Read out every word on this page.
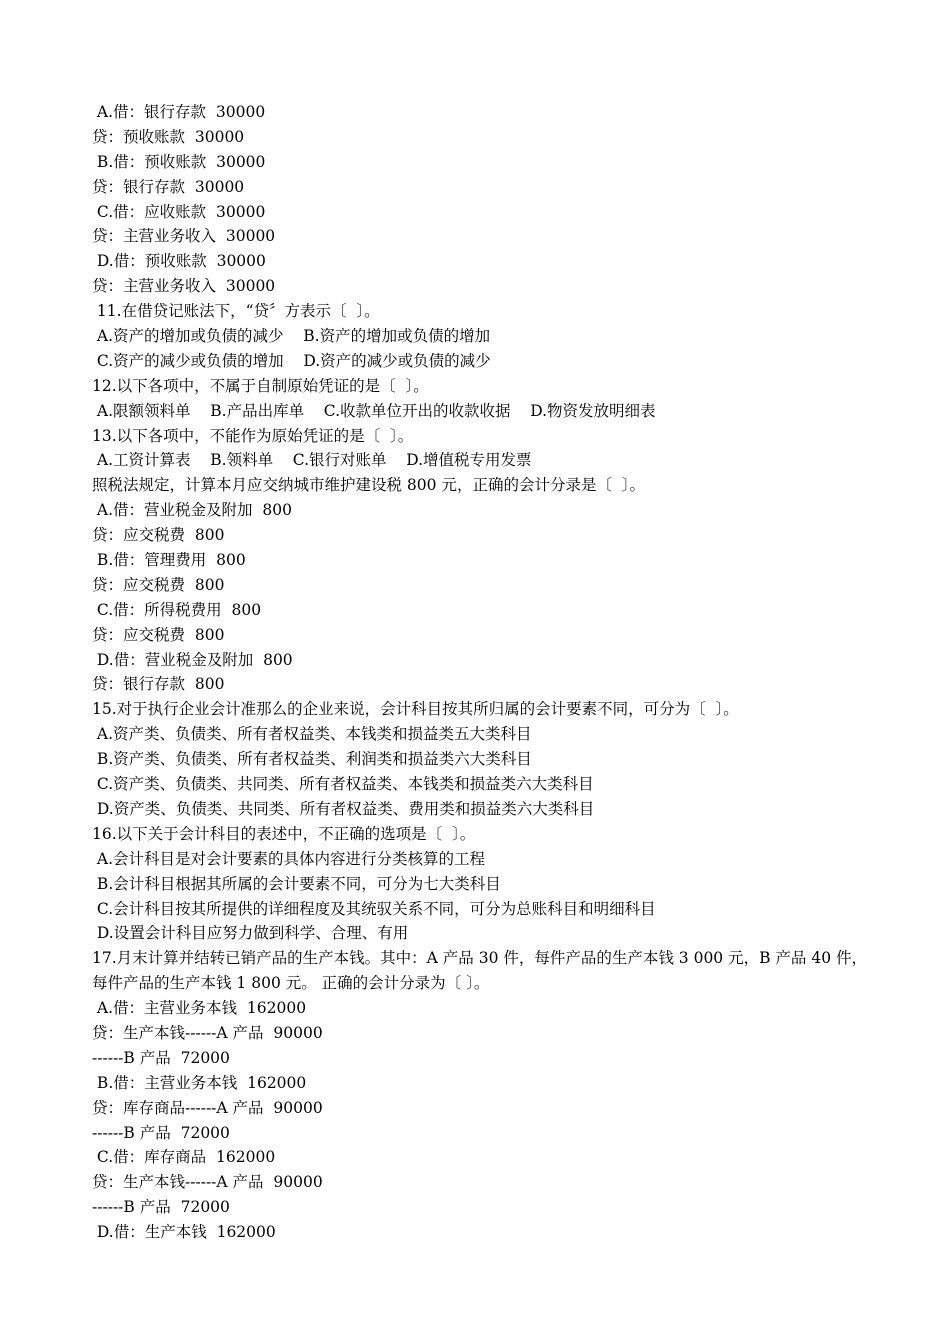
A.借：银行存款  30000
贷：预收账款  30000
B.借：预收账款  30000
贷：银行存款  30000
C.借：应收账款  30000
贷：主营业务收入  30000
D.借：预收账款  30000
贷：主营业务收入  30000
11.在借贷记账法下，“贷〞方表示〔  〕。
A.资产的增加或负债的减少    B.资产的增加或负债的增加
C.资产的减少或负债的增加    D.资产的减少或负债的减少
12.以下各项中，不属于自制原始凭证的是〔  〕。
A.限额领料单    B.产品出库单    C.收款单位开出的收款收据    D.物资发放明细表
13.以下各项中，不能作为原始凭证的是〔  〕。
A.工资计算表    B.领料单    C.银行对账单    D.增值税专用发票
照税法规定，计算本月应交纳城市维护建设税 800 元，正确的会计分录是〔  〕。
A.借：营业税金及附加  800
贷：应交税费  800
B.借：管理费用  800
贷：应交税费  800
C.借：所得税费用  800
贷：应交税费  800
D.借：营业税金及附加  800
贷：银行存款  800
15.对于执行企业会计准那么的企业来说，会计科目按其所归属的会计要素不同，可分为〔  〕。
A.资产类、负债类、所有者权益类、本钱类和损益类五大类科目
B.资产类、负债类、所有者权益类、利润类和损益类六大类科目
C.资产类、负债类、共同类、所有者权益类、本钱类和损益类六大类科目
D.资产类、负债类、共同类、所有者权益类、费用类和损益类六大类科目
16.以下关于会计科目的表述中，不正确的选项是〔  〕。
A.会计科目是对会计要素的具体内容进行分类核算的工程
B.会计科目根据其所属的会计要素不同，可分为七大类科目
C.会计科目按其所提供的详细程度及其统驭关系不同，可分为总账科目和明细科目
D.设置会计科目应努力做到科学、合理、有用
17.月末计算并结转已销产品的生产本钱。其中：A 产品 30 件，每件产品的生产本钱 3 000 元，B 产品 40 件，每件产品的生产本钱 1 800 元。 正确的会计分录为〔 〕。
A.借：主营业务本钱  162000
贷：生产本钱------A 产品  90000
------B 产品  72000
B.借：主营业务本钱  162000
贷：库存商品------A 产品  90000
------B 产品  72000
C.借：库存商品  162000
贷：生产本钱------A 产品  90000
------B 产品  72000
D.借：生产本钱  162000
